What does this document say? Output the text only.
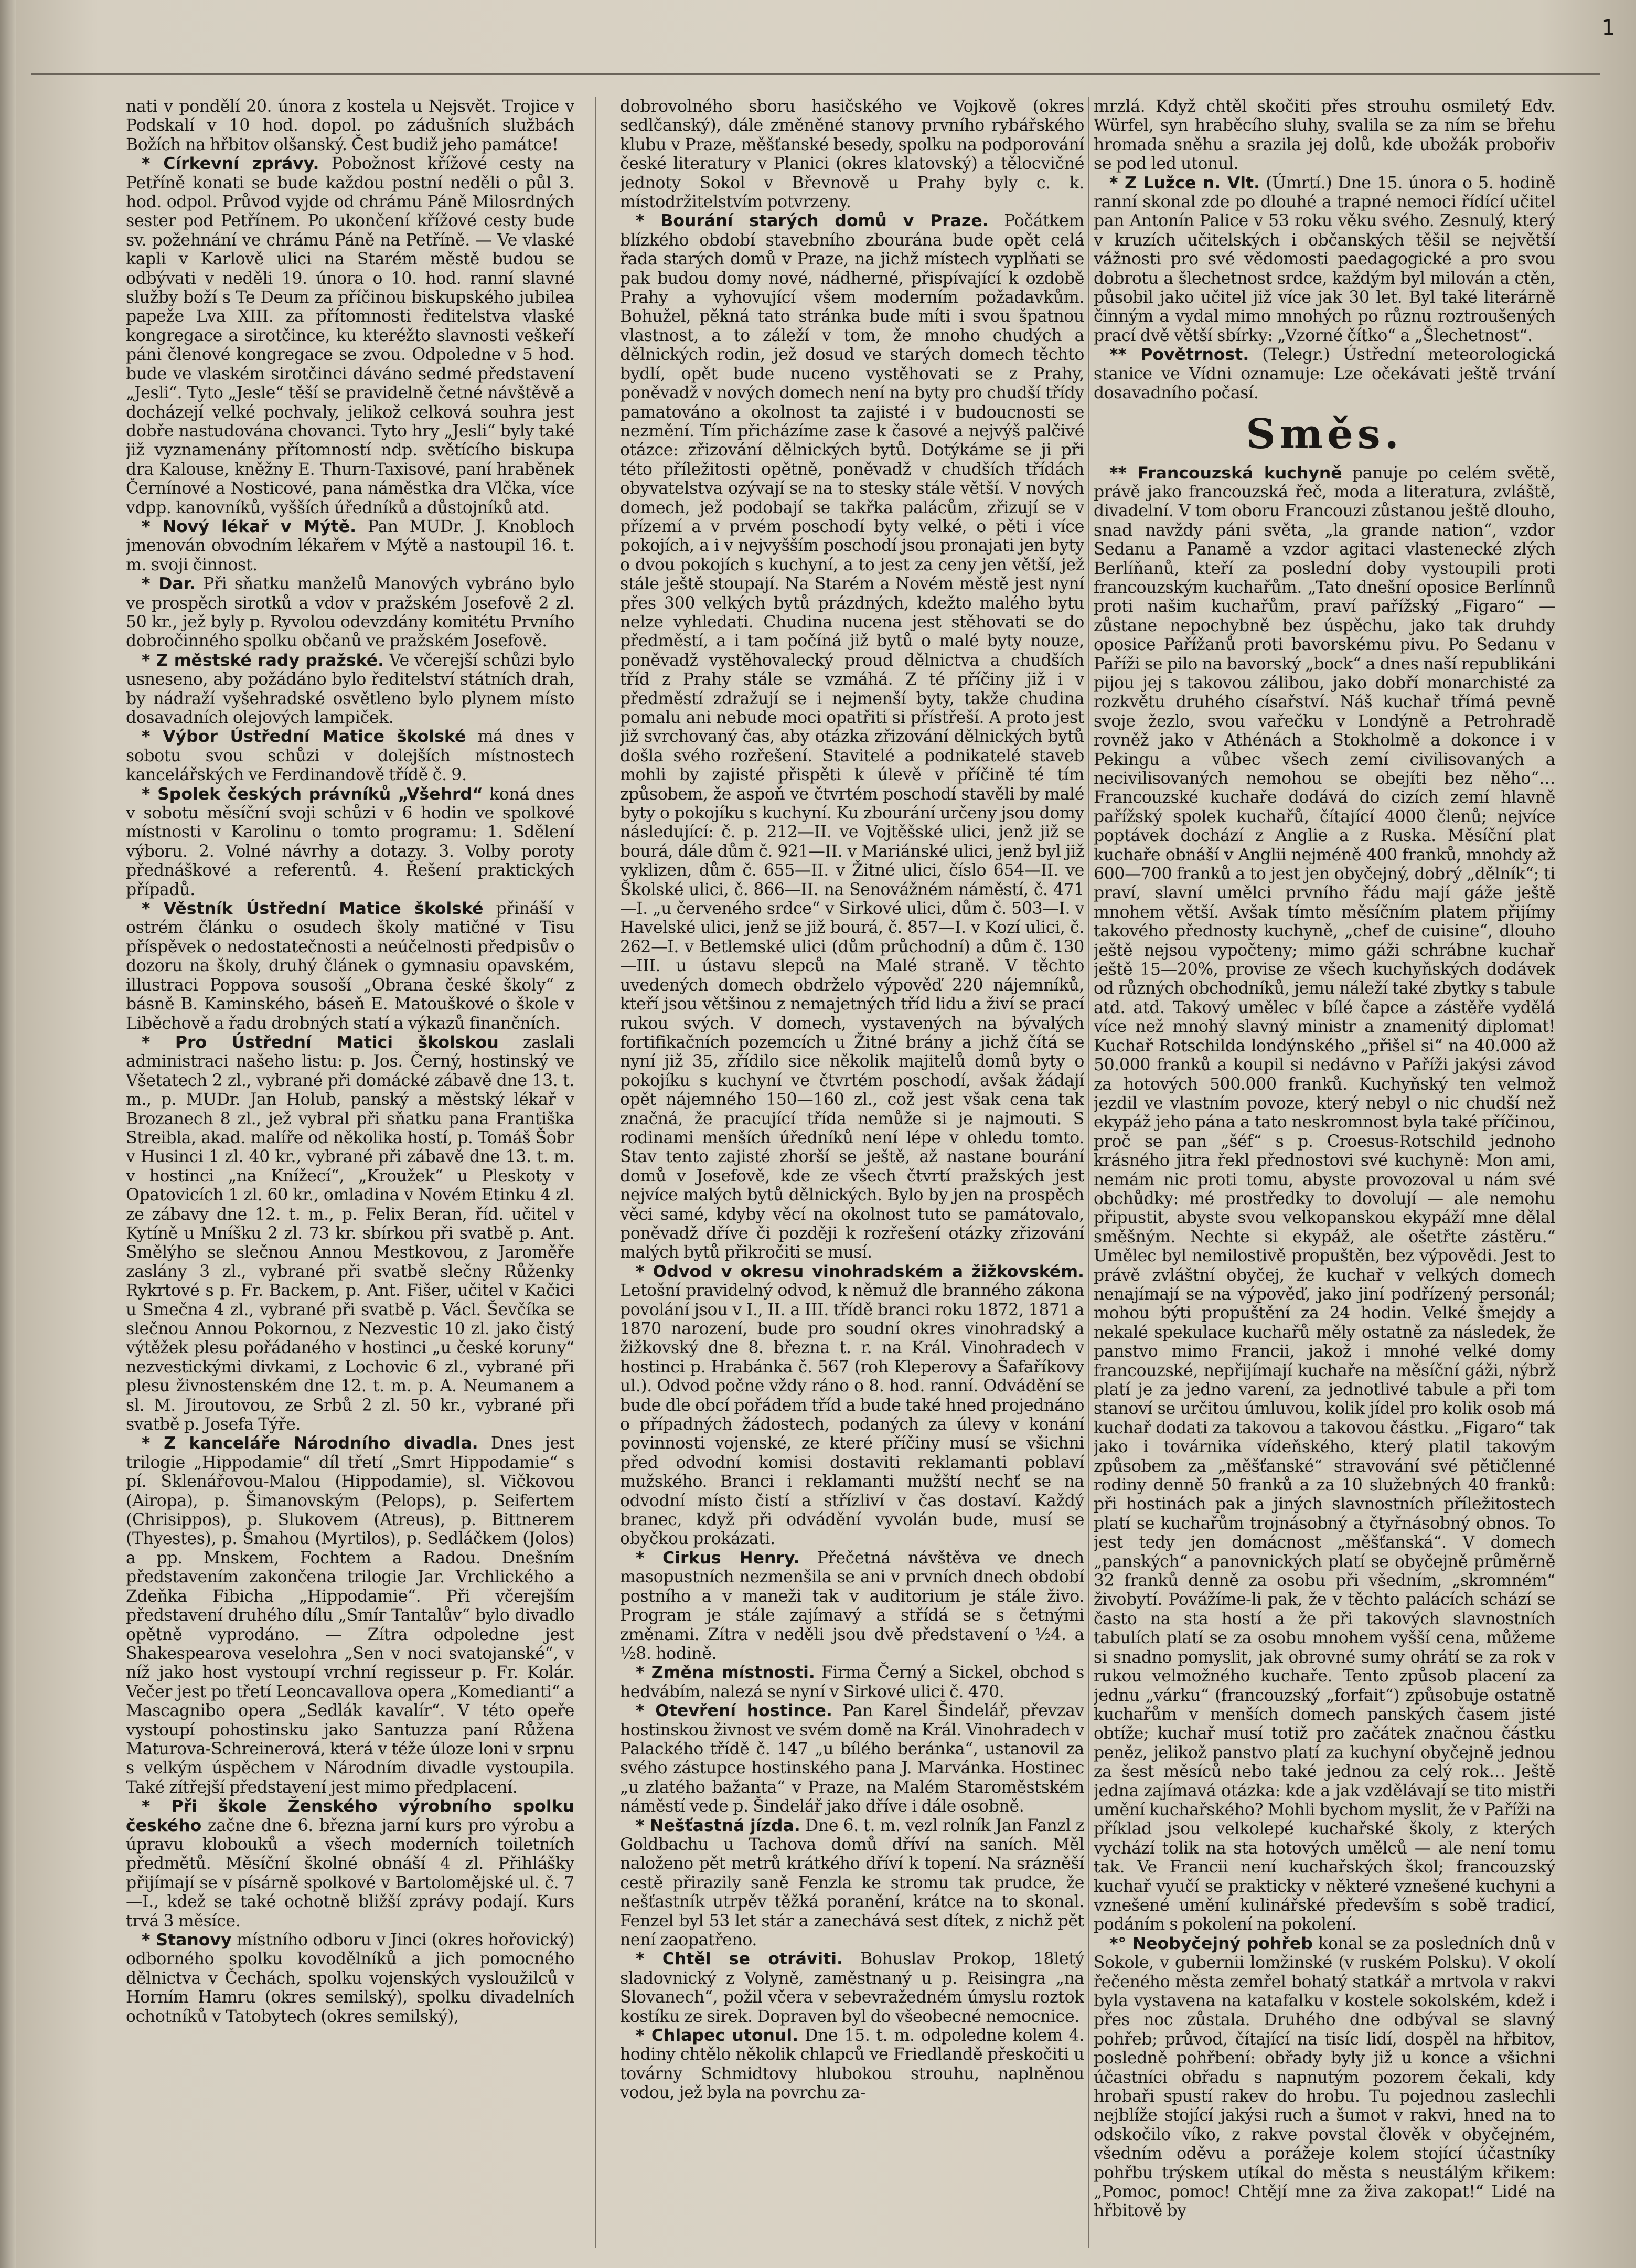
1

nati v pondělí 20. února z kostela u Nejsvět. Trojice v Podskalí v 10 hod. dopol. po zádušních službách Božích na hřbitov olšanský. Čest budiž jeho památce!

* Církevní zprávy. Pobožnost křížové cesty na Petříně konati se bude každou postní neděli o půl 3. hod. odpol. Průvod vyjde od chrámu Páně Milosrdných sester pod Petřínem. Po ukončení křížové cesty bude sv. požehnání ve chrámu Páně na Petříně. — Ve vlaské kapli v Karlově ulici na Starém městě budou se odbývati v neděli 19. února o 10. hod. ranní slavné služby boží s Te Deum za příčinou biskupského jubilea papeže Lva XIII. za přítomnosti ředitelstva vlaské kongregace a sirotčince, ku kteréžto slavnosti veškeří páni členové kongregace se zvou. Odpoledne v 5 hod. bude ve vlaském sirotčinci dáváno sedmé představení „Jesli“. Tyto „Jesle“ těší se pravidelně četné návštěvě a docházejí velké pochvaly, jelikož celková souhra jest dobře nastudována chovanci. Tyto hry „Jesli“ byly také již vyznamenány přítomností ndp. světícího biskupa dra Kalouse, kněžny E. Thurn-Taxisové, paní hraběnek Černínové a Nosticové, pana náměstka dra Vlčka, více vdpp. kanovníků, vyšších úředníků a důstojníků atd.

* Nový lékař v Mýtě. Pan MUDr. J. Knobloch jmenován obvodním lékařem v Mýtě a nastoupil 16. t. m. svoji činnost.

* Dar. Při sňatku manželů Manových vybráno bylo ve prospěch sirotků a vdov v pražském Josefově 2 zl. 50 kr., jež byly p. Ryvolou odevzdány komitétu Prvního dobročinného spolku občanů ve pražském Josefově.

* Z městské rady pražské. Ve včerejší schůzi bylo usneseno, aby požádáno bylo ředitelství státních drah, by nádraží vyšehradské osvětleno bylo plynem místo dosavadních olejových lampiček.

* Výbor Ústřední Matice školské má dnes v sobotu svou schůzi v dolejších místnostech kancelářských ve Ferdinandově třídě č. 9.

* Spolek českých právníků „Všehrd“ koná dnes v sobotu měsíční svoji schůzi v 6 hodin ve spolkové místnosti v Karolinu o tomto programu: 1. Sdělení výboru. 2. Volné návrhy a dotazy. 3. Volby poroty přednáškové a referentů. 4. Řešení praktických případů.

* Věstník Ústřední Matice školské přináší v ostrém článku o osudech školy matičné v Tisu příspěvek o nedostatečnosti a neúčelnosti předpisův o dozoru na školy, druhý článek o gymnasiu opavském, illustraci Poppova sousoší „Obrana české školy“ z básně B. Kaminského, báseň E. Matouškové o škole v Liběchově a řadu drobných statí a výkazů finančních.

* Pro Ústřední Matici školskou zaslali administraci našeho listu: p. Jos. Černý, hostinský ve Všetatech 2 zl., vybrané při domácké zábavě dne 13. t. m., p. MUDr. Jan Holub, panský a městský lékař v Brozanech 8 zl., jež vybral při sňatku pana Františka Streibla, akad. malíře od několika hostí, p. Tomáš Šobr v Husinci 1 zl. 40 kr., vybrané při zábavě dne 13. t. m. v hostinci „na Knížecí“, „Kroužek“ u Pleskoty v Opatovicích 1 zl. 60 kr., omladina v Novém Etinku 4 zl. ze zábavy dne 12. t. m., p. Felix Beran, říd. učitel v Kytíně u Mníšku 2 zl. 73 kr. sbírkou při svatbě p. Ant. Smělýho se slečnou Annou Mestkovou, z Jaroměře zaslány 3 zl., vybrané při svatbě slečny Růženky Rykrtové s p. Fr. Backem, p. Ant. Fišer, učitel v Kačici u Smečna 4 zl., vybrané při svatbě p. Václ. Ševčíka se slečnou Annou Pokornou, z Nezvestic 10 zl. jako čistý výtěžek plesu pořádaného v hostinci „u české koruny“ nezvestickými divkami, z Lochovic 6 zl., vybrané při plesu živnostenském dne 12. t. m. p. A. Neumanem a sl. M. Jiroutovou, ze Srbů 2 zl. 50 kr., vybrané při svatbě p. Josefa Týře.

* Z kanceláře Národního divadla. Dnes jest trilogie „Hippodamie“ díl třetí „Smrt Hippodamie“ s pí. Sklenářovou-Malou (Hippodamie), sl. Vičkovou (Airopa), p. Šimanovským (Pelops), p. Seifertem (Chrisippos), p. Slukovem (Atreus), p. Bittnerem (Thyestes), p. Šmahou (Myrtilos), p. Sedláčkem (Jolos) a pp. Mnskem, Fochtem a Radou. Dnešním představením zakončena trilogie Jar. Vrchlického a Zdeňka Fibicha „Hippodamie“. Při včerejším představení druhého dílu „Smír Tantalův“ bylo divadlo opětně vyprodáno. — Zítra odpoledne jest Shakespearova veselohra „Sen v noci svatojanské“, v níž jako host vystoupí vrchní regisseur p. Fr. Kolár. Večer jest po třetí Leoncavallova opera „Komedianti“ a Mascagnibo opera „Sedlák kavalír“. V této opeře vystoupí pohostinsku jako Santuzza paní Růžena Maturova-Schreinerová, která v téže úloze loni v srpnu s velkým úspěchem v Národním divadle vystoupila. Také zítřejší představení jest mimo předplacení.

* Při škole Ženského výrobního spolku českého začne dne 6. března jarní kurs pro výrobu a úpravu klobouků a všech moderních toiletních předmětů. Měsíční školné obnáší 4 zl. Přihlášky přijímají se v písárně spolkové v Bartolomějské ul. č. 7—I., kdež se také ochotně bližší zprávy podají. Kurs trvá 3 měsíce.

* Stanovy místního odboru v Jinci (okres hořovický) odborného spolku kovodělníků a jich pomocného dělnictva v Čechách, spolku vojenských vysloužilců v Horním Hamru (okres semilský), spolku divadelních ochotníků v Tatobytech (okres semilský),

dobrovolného sboru hasičského ve Vojkově (okres sedlčanský), dále změněné stanovy prvního rybářského klubu v Praze, měšťanské besedy, spolku na podporování české literatury v Planici (okres klatovský) a tělocvičné jednoty Sokol v Břevnově u Prahy byly c. k. místodržitelstvím potvrzeny.

* Bourání starých domů v Praze. Počátkem blízkého období stavebního zbourána bude opět celá řada starých domů v Praze, na jichž místech vyplňati se pak budou domy nové, nádherné, přispívající k ozdobě Prahy a vyhovující všem moderním požadavkům. Bohužel, pěkná tato stránka bude míti i svou špatnou vlastnost, a to záleží v tom, že mnoho chudých a dělnických rodin, jež dosud ve starých domech těchto bydlí, opět bude nuceno vystěhovati se z Prahy, poněvadž v nových domech není na byty pro chudší třídy pamatováno a okolnost ta zajisté i v budoucnosti se nezmění. Tím přicházíme zase k časové a nejvýš palčivé otázce: zřizování dělnických bytů. Dotýkáme se ji při této příležitosti opětně, poněvadž v chudších třídách obyvatelstva ozývají se na to stesky stále větší. V nových domech, jež podobají se takřka palácům, zřizují se v přízemí a v prvém poschodí byty velké, o pěti i více pokojích, a i v nejvyšším poschodí jsou pronajati jen byty o dvou pokojích s kuchyní, a to jest za ceny jen větší, jež stále ještě stoupají. Na Starém a Novém městě jest nyní přes 300 velkých bytů prázdných, kdežto malého bytu nelze vyhledati. Chudina nucena jest stěhovati se do předměstí, a i tam počíná již bytů o malé byty nouze, poněvadž vystěhovalecký proud dělnictva a chudších tříd z Prahy stále se vzmáhá. Z té příčiny již i v předměstí zdražují se i nejmenší byty, takže chudina pomalu ani nebude moci opatřiti si přístřeší. A proto jest již svrchovaný čas, aby otázka zřizování dělnických bytů došla svého rozřešení. Stavitelé a podnikatelé staveb mohli by zajisté přispěti k úlevě v příčině té tím způsobem, že aspoň ve čtvrtém poschodí stavěli by malé byty o pokojíku s kuchyní. Ku zbourání určeny jsou domy následující: č. p. 212—II. ve Vojtěšské ulici, jenž již se bourá, dále dům č. 921—II. v Mariánské ulici, jenž byl již vyklizen, dům č. 655—II. v Žitné ulici, číslo 654—II. ve Školské ulici, č. 866—II. na Senovážném náměstí, č. 471—I. „u červeného srdce“ v Sirkové ulici, dům č. 503—I. v Havelské ulici, jenž se již bourá, č. 857—I. v Kozí ulici, č. 262—I. v Betlemské ulici (dům průchodní) a dům č. 130—III. u ústavu slepců na Malé straně. V těchto uvedených domech obdrželo výpověď 220 nájemníků, kteří jsou většinou z nemajetných tříd lidu a živí se prací rukou svých. V domech, vystavených na bývalých fortifikačních pozemcích u Žitné brány a jichž čítá se nyní již 35, zřídilo sice několik majitelů domů byty o pokojíku s kuchyní ve čtvrtém poschodí, avšak žádají opět nájemného 150—160 zl., což jest však cena tak značná, že pracující třída nemůže si je najmouti. S rodinami menších úředníků není lépe v ohledu tomto. Stav tento zajisté zhorší se ještě, až nastane bourání domů v Josefově, kde ze všech čtvrtí pražských jest nejvíce malých bytů dělnických. Bylo by jen na prospěch věci samé, kdyby věcí na okolnost tuto se památovalo, poněvadž dříve či později k rozřešení otázky zřizování malých bytů přikročiti se musí.

* Odvod v okresu vinohradském a žižkovském. Letošní pravidelný odvod, k němuž dle branného zákona povolání jsou v I., II. a III. třídě branci roku 1872, 1871 a 1870 narození, bude pro soudní okres vinohradský a žižkovský dne 8. března t. r. na Král. Vinohradech v hostinci p. Hrabánka č. 567 (roh Kleperovy a Šafaříkovy ul.). Odvod počne vždy ráno o 8. hod. ranní. Odvádění se bude dle obcí pořádem tříd a bude také hned projednáno o případných žádostech, podaných za úlevy v konání povinnosti vojenské, ze které příčiny musí se všichni před odvodní komisi dostaviti reklamanti poblaví mužského. Branci i reklamanti mužští nechť se na odvodní místo čistí a střízliví v čas dostaví. Každý branec, když při odvádění vyvolán bude, musí se obyčkou prokázati.

* Cirkus Henry. Přečetná návštěva ve dnech masopustních nezmenšila se ani v prvních dnech období postního a v maneži tak v auditorium je stále živo. Program je stále zajímavý a střídá se s četnými změnami. Zítra v neděli jsou dvě představení o ½4. a ½8. hodině.

* Změna místnosti. Firma Černý a Sickel, obchod s hedvábím, nalezá se nyní v Sirkové ulici č. 470.

* Otevření hostince. Pan Karel Šindelář, převzav hostinskou živnost ve svém domě na Král. Vinohradech v Palackého třídě č. 147 „u bílého beránka“, ustanovil za svého zástupce hostinského pana J. Marvánka. Hostinec „u zlatého bažanta“ v Praze, na Malém Staroměstském náměstí vede p. Šindelář jako dříve i dále osobně.

* Nešťastná jízda. Dne 6. t. m. vezl rolník Jan Fanzl z Goldbachu u Tachova domů dříví na saních. Měl naloženo pět metrů krátkého dříví k topení. Na srázněší cestě přirazily saně Fenzla ke stromu tak prudce, že nešťastník utrpěv těžká poranění, krátce na to skonal. Fenzel byl 53 let stár a zanechává sest dítek, z nichž pět není zaopatřeno.

* Chtěl se otráviti. Bohuslav Prokop, 18letý sladovnický z Volyně, zaměstnaný u p. Reisingra „na Slovanech“, požil včera v sebevražedném úmyslu roztok kostíku ze sirek. Dopraven byl do všeobecné nemocnice.

* Chlapec utonul. Dne 15. t. m. odpoledne kolem 4. hodiny chtělo několik chlapců ve Friedlandě přeskočiti u továrny Schmidtovy hlubokou strouhu, naplněnou vodou, jež byla na povrchu za-

mrzlá. Když chtěl skočiti přes strouhu osmiletý Edv. Würfel, syn hraběcího sluhy, svalila se za ním se břehu hromada sněhu a srazila jej dolů, kde ubožák probořiv se pod led utonul.

* Z Lužce n. Vlt. (Úmrtí.) Dne 15. února o 5. hodině ranní skonal zde po dlouhé a trapné nemoci řídící učitel pan Antonín Palice v 53 roku věku svého. Zesnulý, který v kruzích učitelských i občanských těšil se největší vážnosti pro své vědomosti paedagogické a pro svou dobrotu a šlechetnost srdce, každým byl milován a ctěn, působil jako učitel již více jak 30 let. Byl také literárně činným a vydal mimo mnohých po různu roztroušených prací dvě větší sbírky: „Vzorné čítko“ a „Šlechetnost“.

** Povětrnost. (Telegr.) Ústřední meteorologická stanice ve Vídni oznamuje: Lze očekávati ještě trvání dosavadního počasí.

Směs.

** Francouzská kuchyně panuje po celém světě, právě jako francouzská řeč, moda a literatura, zvláště, divadelní. V tom oboru Francouzi zůstanou ještě dlouho, snad navždy páni světa, „la grande nation“, vzdor Sedanu a Panamě a vzdor agitaci vlastenecké zlých Berlíňanů, kteří za poslední doby vystoupili proti francouzským kuchařům. „Tato dnešní oposice Berlínnů proti našim kuchařům, praví pařížský „Figaro“ — zůstane nepochybně bez úspěchu, jako tak druhdy oposice Pařížanů proti bavorskému pivu. Po Sedanu v Paříži se pilo na bavorský „bock“ a dnes naší republikáni pijou jej s takovou zálibou, jako dobří monarchisté za rozkvětu druhého císařství. Náš kuchař třímá pevně svoje žezlo, svou vařečku v Londýně a Petrohradě rovněž jako v Athénách a Stokholmě a dokonce i v Pekingu a vůbec všech zemí civilisovaných a necivilisovaných nemohou se obejíti bez něho“… Francouzské kuchaře dodává do cizích zemí hlavně pařížský spolek kuchařů, čítající 4000 členů; nejvíce poptávek dochází z Anglie a z Ruska. Měsíční plat kuchaře obnáší v Anglii nejméně 400 franků, mnohdy až 600—700 franků a to jest jen obyčejný, dobrý „dělník“; ti praví, slavní umělci prvního řádu mají gáže ještě mnohem větší. Avšak tímto měsíčním platem přijímy takového přednosty kuchyně, „chef de cuisine“, dlouho ještě nejsou vypočteny; mimo gáži schrábne kuchař ještě 15—20%, provise ze všech kuchyňských dodávek od různých obchodníků, jemu náleží také zbytky s tabule atd. atd. Takový umělec v bílé čapce a zástěře vydělá více než mnohý slavný ministr a znamenitý diplomat! Kuchař Rotschilda londýnského „přišel si“ na 40.000 až 50.000 franků a koupil si nedávno v Paříži jakýsi závod za hotových 500.000 franků. Kuchyňský ten velmož jezdil ve vlastním povoze, který nebyl o nic chudší než ekypáž jeho pána a tato neskromnost byla také příčinou, proč se pan „šéf“ s p. Croesus-Rotschild jednoho krásného jitra řekl přednostovi své kuchyně: Mon ami, nemám nic proti tomu, abyste provozoval u nám své obchůdky: mé prostředky to dovolují — ale nemohu připustit, abyste svou velkopanskou ekypáží mne dělal směšným. Nechte si ekypáž, ale ošetřte zástěru.“ Umělec byl nemilostivě propuštěn, bez výpovědi. Jest to právě zvláštní obyčej, že kuchař v velkých domech nenajímají se na výpověď, jako jiní podřízený personál; mohou býti propuštění za 24 hodin. Velké šmejdy a nekalé spekulace kuchařů měly ostatně za následek, že panstvo mimo Francii, jakož i mnohé velké domy francouzské, nepřijímají kuchaře na měsíční gáži, nýbrž platí je za jedno varení, za jednotlivé tabule a při tom stanoví se určitou úmluvou, kolik jídel pro kolik osob má kuchař dodati za takovou a takovou částku. „Figaro“ tak jako i továrnika vídeňského, který platil takovým způsobem za „měšťanské“ stravování své pětičlenné rodiny denně 50 franků a za 10 služebných 40 franků: při hostinách pak a jiných slavnostních příležitostech platí se kuchařům trojnásobný a čtyřnásobný obnos. To jest tedy jen domácnost „měšťanská“. V domech „panských“ a panovnických platí se obyčejně průměrně 32 franků denně za osobu při všedním, „skromném“ živobytí. Povážíme-li pak, že v těchto palácích schází se často na sta hostí a že při takových slavnostních tabulích platí se za osobu mnohem vyšší cena, můžeme si snadno pomyslit, jak obrovné sumy ohrátí se za rok v rukou velmožného kuchaře. Tento způsob placení za jednu „várku“ (francouzský „forfait“) způsobuje ostatně kuchařům v menších domech panských časem jisté obtíže; kuchař musí totiž pro začátek značnou částku peněz, jelikož panstvo platí za kuchyní obyčejně jednou za šest měsíců nebo také jednou za celý rok… Ještě jedna zajímavá otázka: kde a jak vzdělávají se tito mistři umění kuchařského? Mohli bychom myslit, že v Paříži na příklad jsou velkolepé kuchařské školy, z kterých vychází tolik na sta hotových umělců — ale není tomu tak. Ve Francii není kuchařských škol; francouzský kuchař vyučí se prakticky v některé vznešené kuchyni a vznešené umění kulinářské především s sobě tradicí, podáním s pokolení na pokolení.

*° Neobyčejný pohřeb konal se za posledních dnů v Sokole, v gubernii lomžinské (v ruském Polsku). V okolí řečeného města zemřel bohatý statkář a mrtvola v rakvi byla vystavena na katafalku v kostele sokolském, kdež i přes noc zůstala. Druhého dne odbýval se slavný pohřeb; průvod, čítající na tisíc lidí, dospěl na hřbitov, posledně pohřbení: obřady byly již u konce a všichni účastníci obřadu s napnutým pozorem čekali, kdy hrobaři spustí rakev do hrobu. Tu pojednou zaslechli nejblíže stojící jakýsi ruch a šumot v rakvi, hned na to odskočilo víko, z rakve povstal člověk v obyčejném, všedním oděvu a porážeje kolem stojící účastníky pohřbu trýskem utíkal do města s neustálým křikem: „Pomoc, pomoc! Chtějí mne za živa zakopat!“ Lidé na hřbitově by
